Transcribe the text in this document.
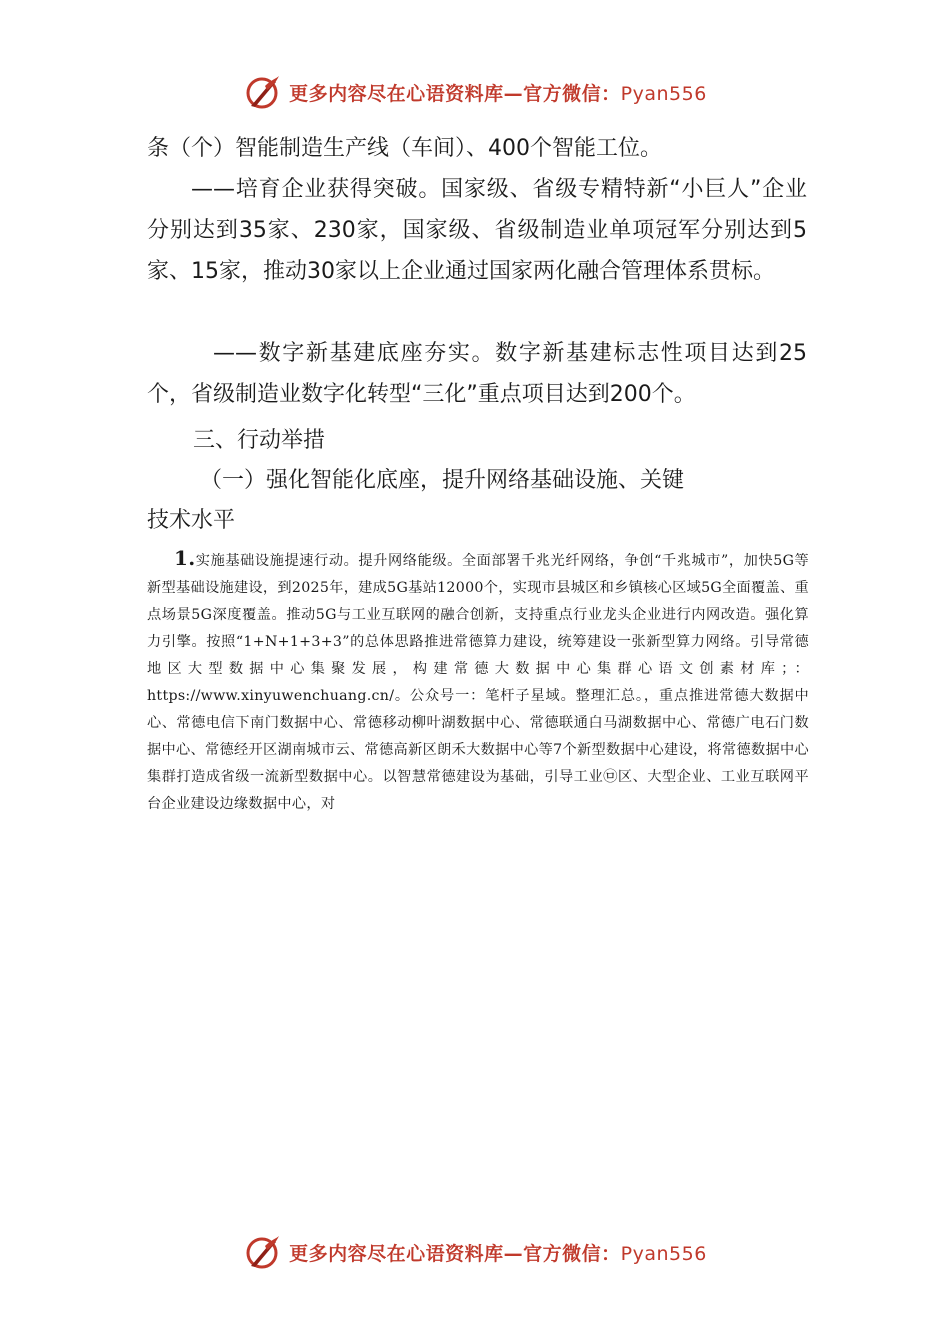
更多内容尽在心语资料库—官方微信：Pyan556

条（个）智能制造生产线（车间）、400个智能工位。

——培育企业获得突破。国家级、省级专精特新“小巨人”企业分别达到35家、230家，国家级、省级制造业单项冠军分别达到5家、15家，推动30家以上企业通过国家两化融合管理体系贯标。

——数字新基建底座夯实。数字新基建标志性项目达到25个，省级制造业数字化转型“三化”重点项目达到200个。

三、行动举措

（一）强化智能化底座，提升网络基础设施、关键

技术水平

1.实施基础设施提速行动。提升网络能级。全面部署千兆光纤网络，争创“千兆城市”，加快5G等新型基础设施建设，到2025年，建成5G基站12000个，实现市县城区和乡镇核心区域5G全面覆盖、重点场景5G深度覆盖。推动5G与工业互联网的融合创新，支持重点行业龙头企业进行内网改造。强化算力引擎。按照“1+N+1+3+3”的总体思路推进常德算力建设，统筹建设一张新型算力网络。引导常德地区大型数据中心集聚发展，构建常德大数据中心集群心语文创素材库；：https://www.xinyuwenchuang.cn/。公众号一：笔杆子星域。整理汇总。，重点推进常德大数据中心、常德电信下南门数据中心、常德移动柳叶湖数据中心、常德联通白马湖数据中心、常德广电石门数据中心、常德经开区湖南城市云、常德高新区朗禾大数据中心等7个新型数据中心建设，将常德数据中心集群打造成省级一流新型数据中心。以智慧常德建设为基础，引导工业㉤区、大型企业、工业互联网平台企业建设边缘数据中心，对

更多内容尽在心语资料库—官方微信：Pyan556
